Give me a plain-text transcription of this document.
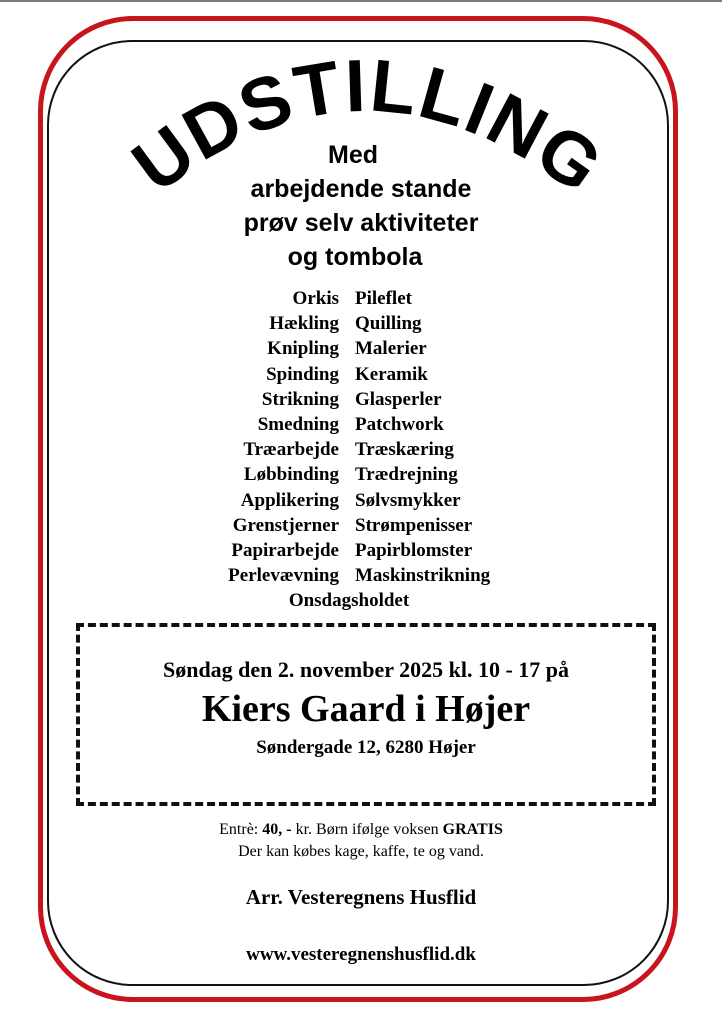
UDSTILLING
Med
arbejdende stande
prøv selv aktiviteter
og tombola
Orkis Pileflet
Hækling Quilling
Knipling Malerier
Spinding Keramik
Strikning Glasperler
Smedning Patchwork
Træarbejde Træskæring
Løbbinding Trædrejning
Applikering Sølvsmykker
Grenstjerner Strømpenisser
Papirarbejde Papirblomster
Perlevævning Maskinstrikning
Onsdagsholdet
Søndag den 2. november 2025 kl. 10 - 17 på
Kiers Gaard i Højer
Søndergade 12, 6280 Højer
Entrè: 40, - kr. Børn ifølge voksen GRATIS
Der kan købes kage, kaffe, te og vand.
Arr. Vesteregnens Husflid
www.vesteregnenshusflid.dk
